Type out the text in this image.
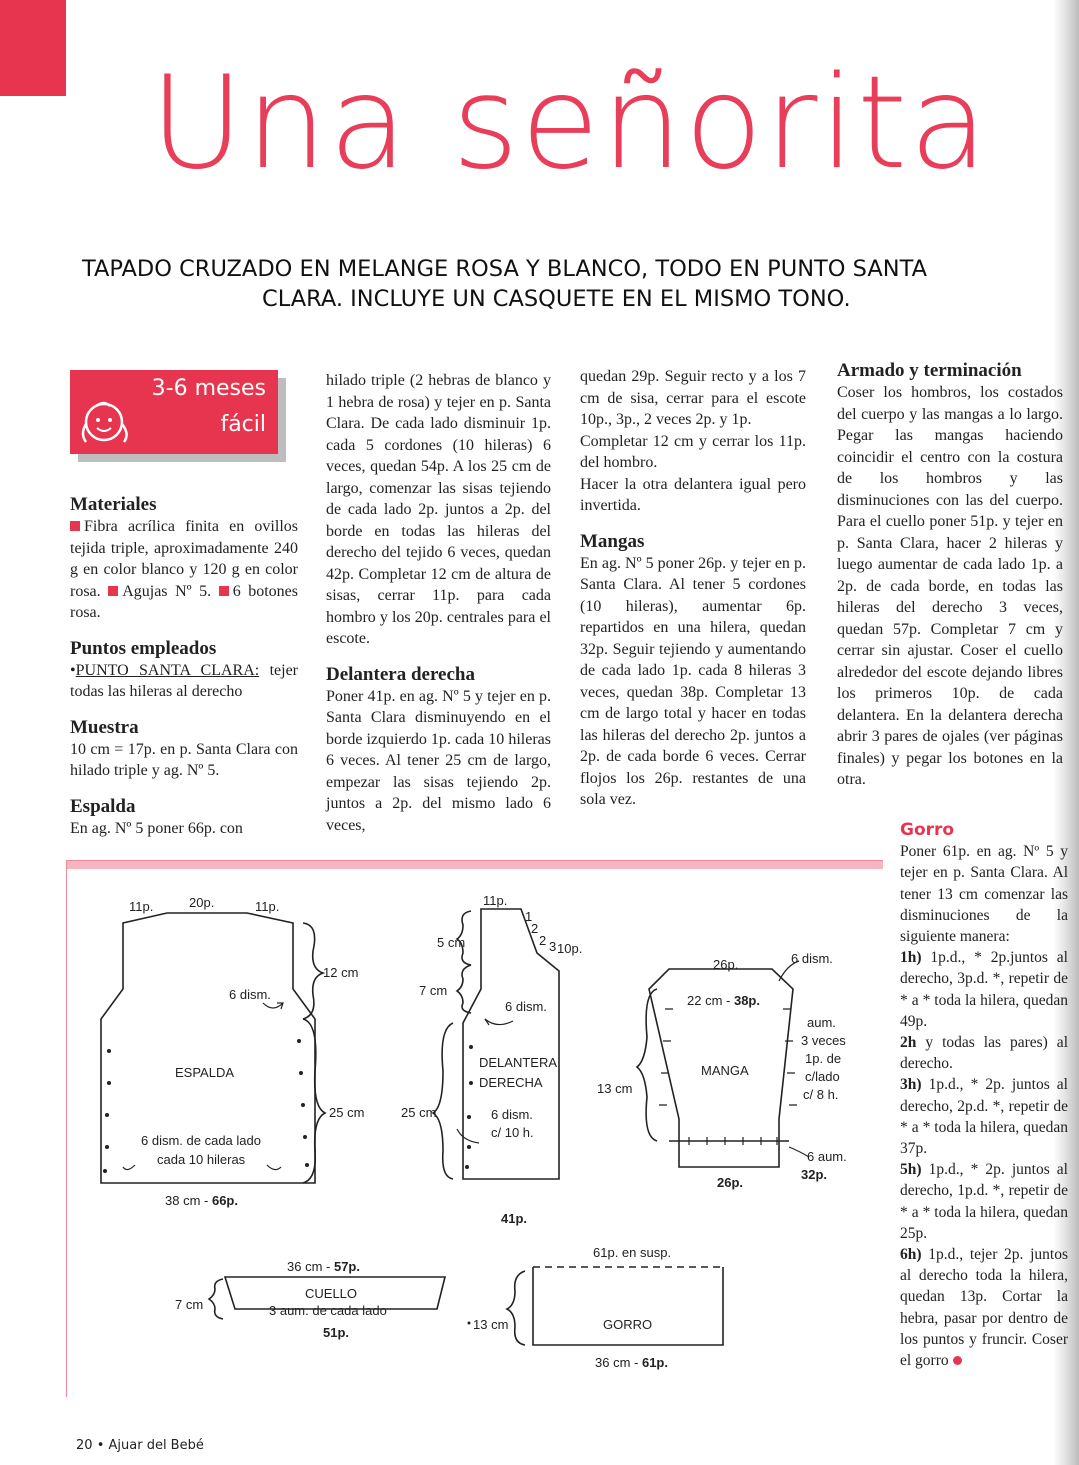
Una señorita
TAPADO CRUZADO EN MELANGE ROSA Y BLANCO, TODO EN PUNTO SANTA
CLARA. INCLUYE UN CASQUETE EN EL MISMO TONO.
3-6 meses
fácil

Materiales

Fibra acrílica finita en ovillos tejida triple, aproximadamente 240 g en color blanco y 120 g en color rosa. Agujas Nº 5. 6 botones rosa.

Puntos empleados

•PUNTO SANTA CLARA: tejer todas las hileras al derecho

Muestra

10 cm = 17p. en p. Santa Clara con hilado triple y ag. Nº 5.

Espalda

En ag. Nº 5 poner 66p. con

hilado triple (2 hebras de blanco y 1 hebra de rosa) y tejer en p. Santa Clara. De cada lado disminuir 1p. cada 5 cordones (10 hileras) 6 veces, quedan 54p. A los 25 cm de largo, comenzar las sisas tejiendo de cada lado 2p. juntos a 2p. del borde en todas las hileras del derecho del tejido 6 veces, quedan 42p. Completar 12 cm de altura de sisas, cerrar 11p. para cada hombro y los 20p. centrales para el escote.

Delantera derecha

Poner 41p. en ag. Nº 5 y tejer en p. Santa Clara disminuyendo en el borde izquierdo 1p. cada 10 hileras 6 veces. Al tener 25 cm de largo, empezar las sisas tejiendo 2p. juntos a 2p. del mismo lado 6 veces,

quedan 29p. Seguir recto y a los 7 cm de sisa, cerrar para el escote 10p., 3p., 2 veces 2p. y 1p.

Completar 12 cm y cerrar los 11p. del hombro.

Hacer la otra delantera igual pero invertida.

Mangas

En ag. Nº 5 poner 26p. y tejer en p. Santa Clara. Al tener 5 cordones (10 hileras), aumentar 6p. repartidos en una hilera, quedan 32p. Seguir tejiendo y aumentando de cada lado 1p. cada 8 hileras 3 veces, quedan 38p. Completar 13 cm de largo total y hacer en todas las hileras del derecho 2p. juntos a 2p. de cada borde 6 veces. Cerrar flojos los 26p. restantes de una sola vez.

Armado y terminación

Coser los hombros, los costados del cuerpo y las mangas a lo largo. Pegar las mangas haciendo coincidir el centro con la costura de los hombros y las disminuciones con las del cuerpo. Para el cuello poner 51p. y tejer en p. Santa Clara, hacer 2 hileras y luego aumentar de cada lado 1p. a 2p. de cada borde, en todas las hileras del derecho 3 veces, quedan 57p. Completar 7 cm y cerrar sin ajustar. Coser el cuello alrededor del escote dejando libres los primeros 10p. de cada delantera. En la delantera derecha abrir 3 pares de ojales (ver páginas finales) y pegar los botones en la otra.

Gorro

Poner 61p. en ag. Nº 5 y tejer en p. Santa Clara. Al tener 13 cm comenzar las disminuciones de la siguiente manera:

1h) 1p.d., * 2p.juntos al derecho, 3p.d. *, repetir de * a * toda la hilera, quedan 49p.

2h y todas las pares) al derecho.

3h) 1p.d., * 2p. juntos al derecho, 2p.d. *, repetir de * a * toda la hilera, quedan 37p.

5h) 1p.d., * 2p. juntos al derecho, 1p.d. *, repetir de * a * toda la hilera, quedan 25p.

6h) 1p.d., tejer 2p. juntos al derecho toda la hilera, quedan 13p. Cortar la hebra, pasar por dentro de los puntos y fruncir. Coser el gorro

11p.	20p.	11p.
6 dism.
12 cm
25 cm
ESPALDA
6 dism. de cada lado
cada 10 hileras
38 cm - 66p.
11p.
1
2
2 3 10p.
5 cm
7 cm
6 dism.
25 cm
DELANTERA
DERECHA
6 dism.
c/ 10 h.
41p.
26p.	6 dism.
22 cm - 38p.
aum.
3 veces
1p. de
c/lado
c/ 8 h.
MANGA
13 cm
6 aum.
32p.
26p.
36 cm - 57p.
7 cm
CUELLO
3 aum. de cada lado
51p.
61p. en susp.
13 cm	GORRO
36 cm - 61p.
20 • Ajuar del Bebé
